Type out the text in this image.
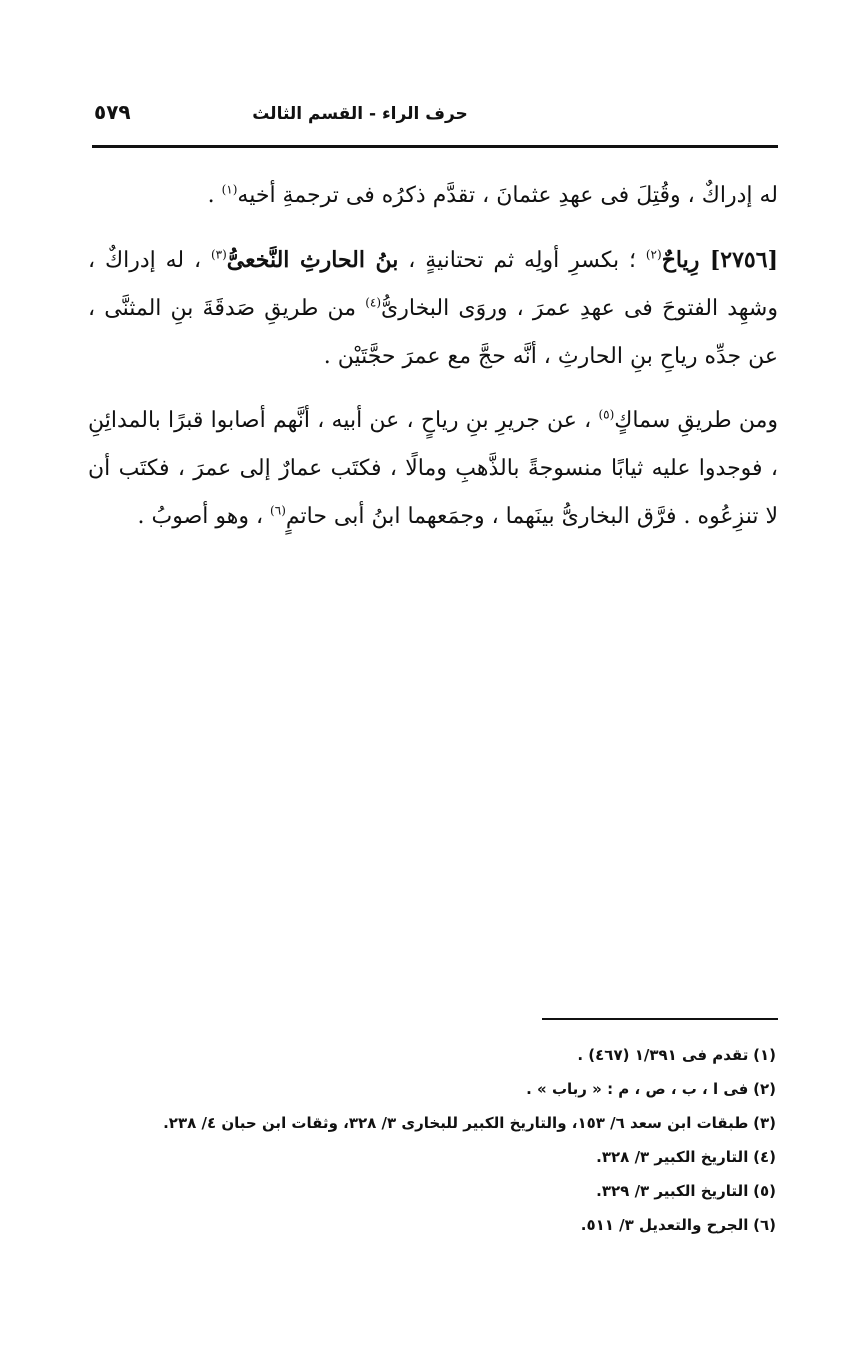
حرف الراء - القسم الثالث
٥٧٩

له إدراكٌ ، وقُتِلَ فى عهدِ عثمانَ ، تقدَّم ذكرُه فى ترجمةِ أخيه$^{(١)}$ .

[٢٧٥٦] رِياحٌ$^{(٢)}$ ؛ بكسرِ أولِه ثم تحتانيةٍ ، بنُ الحارثِ النَّخعىُّ$^{(٣)}$ ، له إدراكٌ ، وشهِد الفتوحَ فى عهدِ عمرَ ، وروَى البخارىُّ$^{(٤)}$ من طريقِ صَدقَةَ بنِ المثنَّى ، عن جدِّه رياحِ بنِ الحارثِ ، أنَّه حجَّ مع عمرَ حجَّتَيْن .

ومن طريقِ سماكٍ$^{(٥)}$ ، عن جريرِ بنِ رياحٍ ، عن أبيه ، أنَّهم أصابوا قبرًا بالمدائِنِ ، فوجدوا عليه ثيابًا منسوجةً بالذَّهبِ ومالًا ، فكتَب عمارٌ إلى عمرَ ، فكتَب أن لا تنزِعُوه . فرَّق البخارىُّ بينَهما ، وجمَعهما ابنُ أبى حاتمٍ$^{(٦)}$ ، وهو أصوبُ .

(١) تقدم فى ١/٣٩١ (٤٦٧) .
(٢) فى ا ، ب ، ص ، م : « رباب » .
(٣) طبقات ابن سعد ٦/ ١٥٣، والتاريخ الكبير للبخارى ٣/ ٣٢٨، وثقات ابن حبان ٤/ ٢٣٨.
(٤) التاريخ الكبير ٣/ ٣٢٨.
(٥) التاريخ الكبير ٣/ ٣٢٩.
(٦) الجرح والتعديل ٣/ ٥١١.
